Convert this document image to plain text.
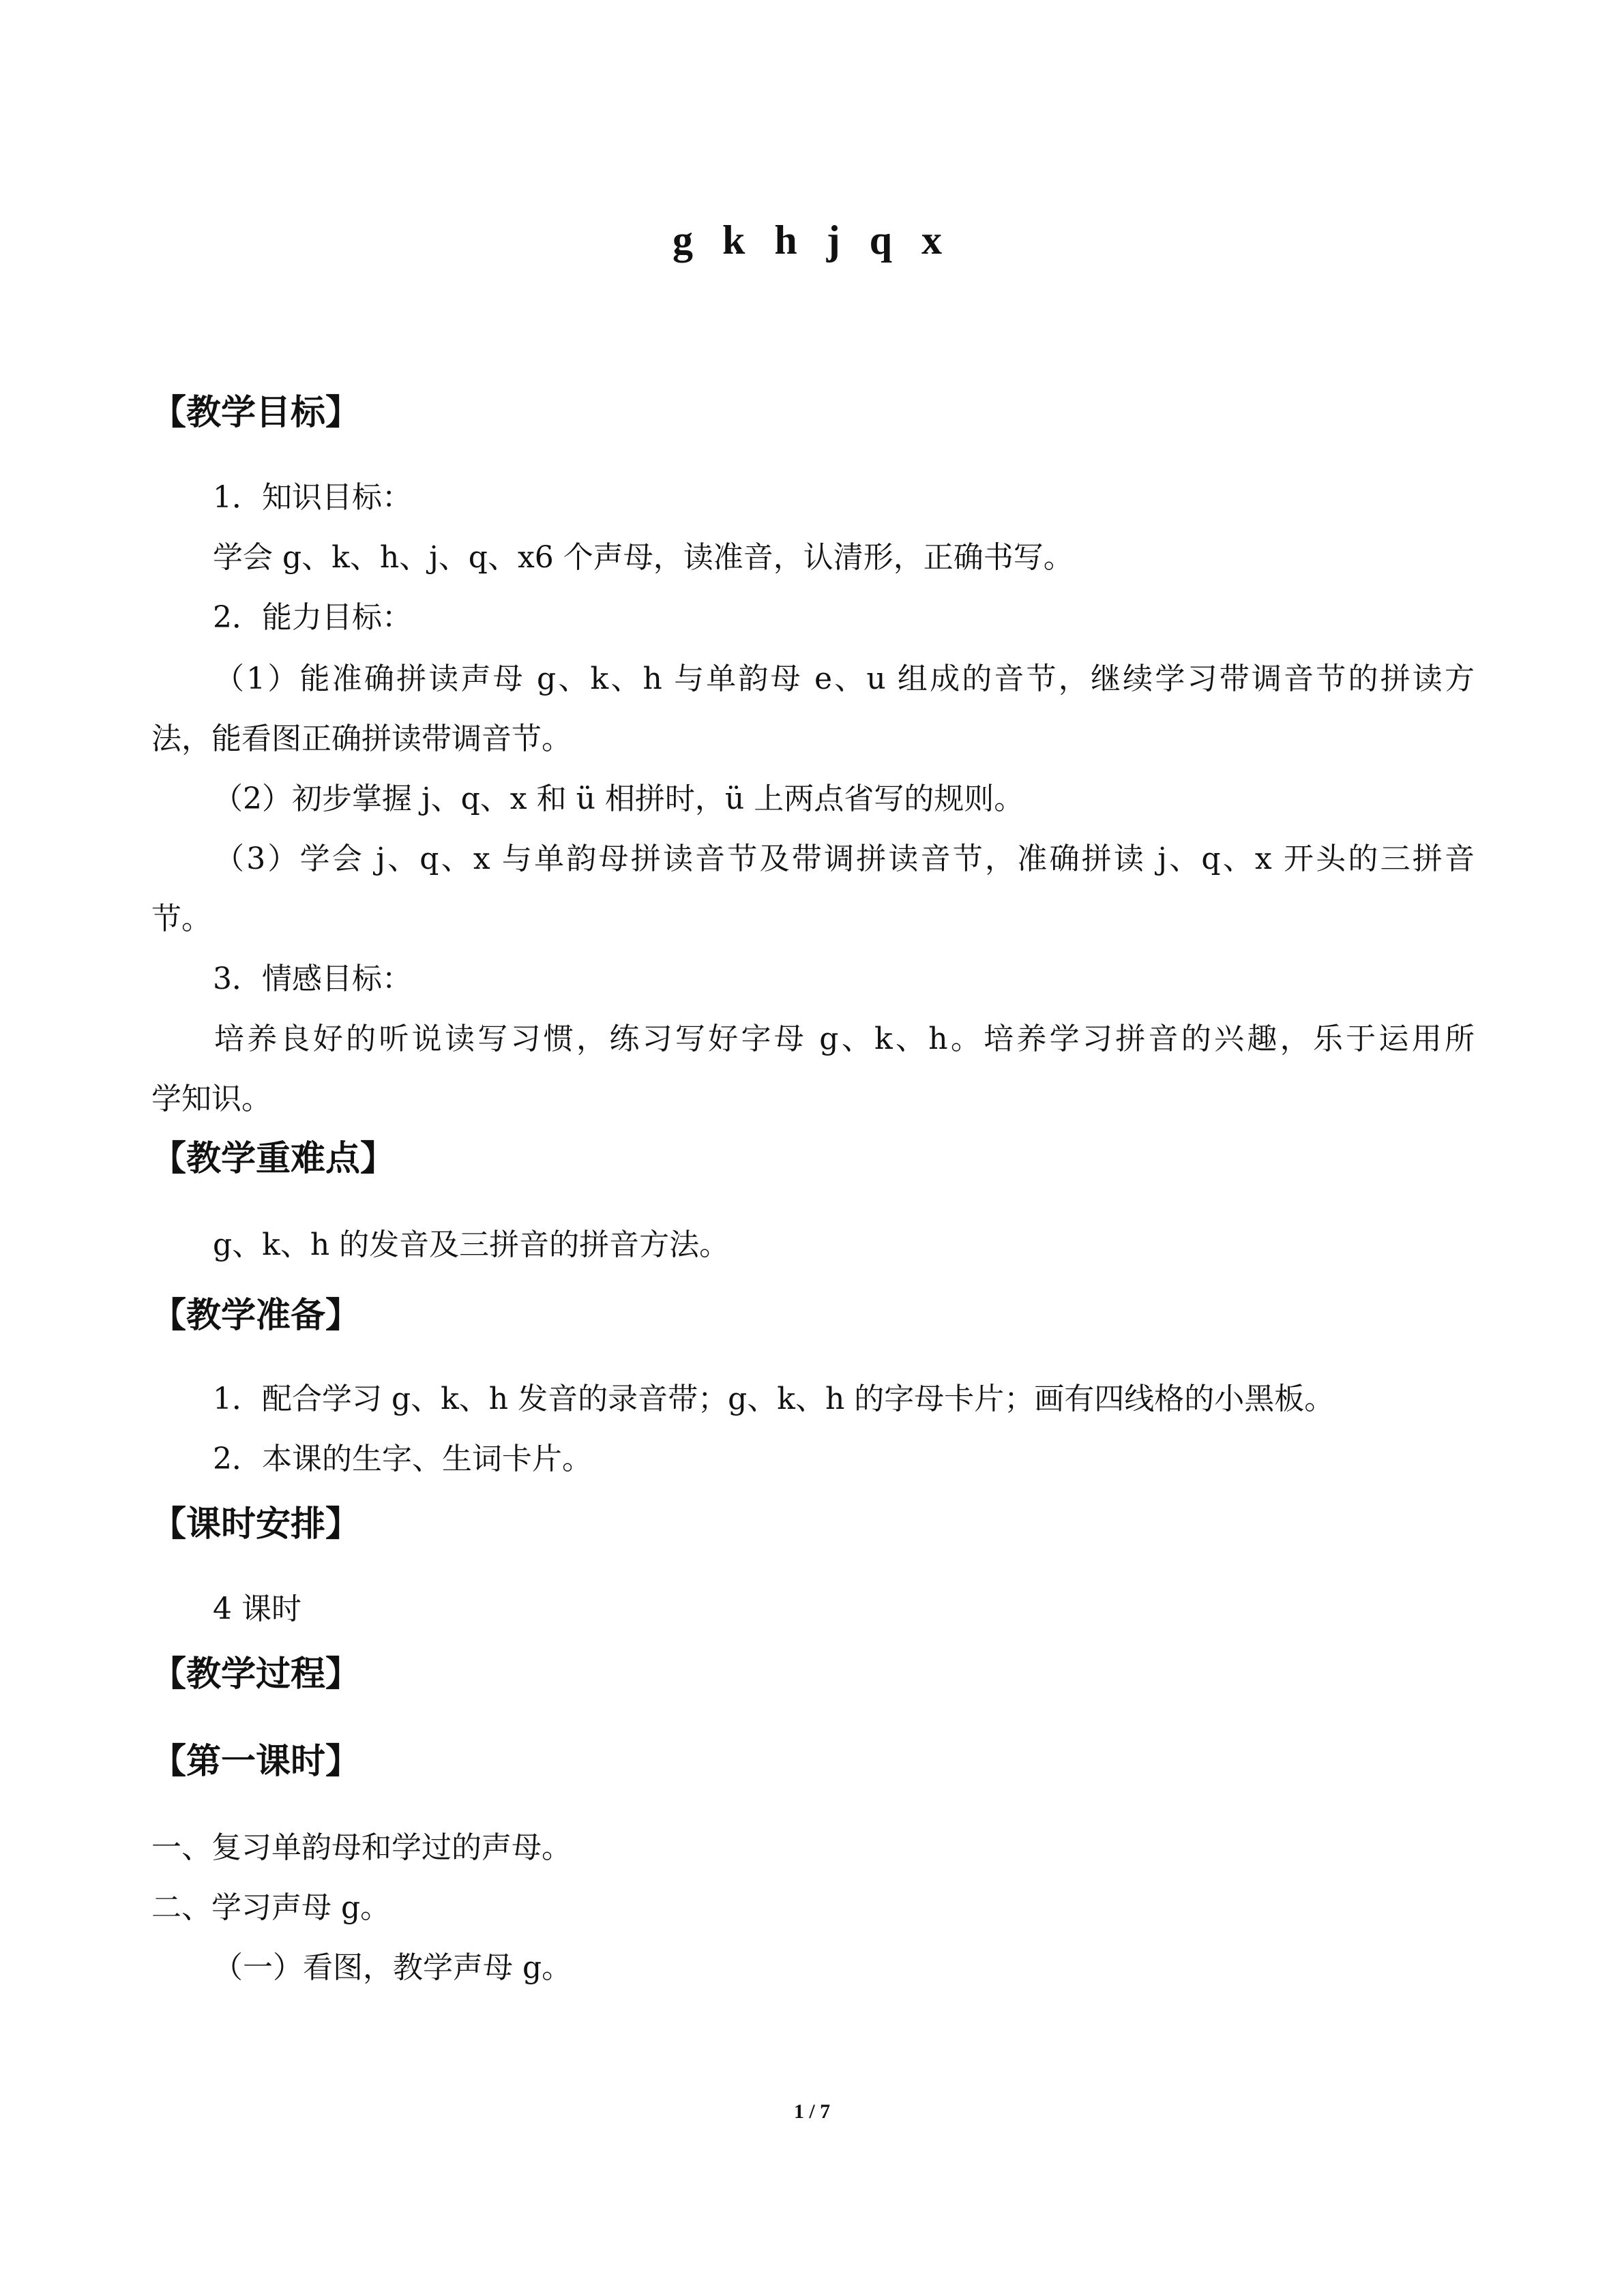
g k h j q x
【教学目标】
1．知识目标：
学会 g、k、h、j、q、x6 个声母，读准音，认清形，正确书写。
2．能力目标：
（1）能准确拼读声母 g、k、h 与单韵母 e、u 组成的音节，继续学习带调音节的拼读方
法，能看图正确拼读带调音节。
（2）初步掌握 j、q、x 和 ü 相拼时，ü 上两点省写的规则。
（3）学会 j、q、x 与单韵母拼读音节及带调拼读音节，准确拼读 j、q、x 开头的三拼音
节。
3．情感目标：
培养良好的听说读写习惯，练习写好字母 g、k、h。培养学习拼音的兴趣，乐于运用所
学知识。
【教学重难点】
g、k、h 的发音及三拼音的拼音方法。
【教学准备】
1．配合学习 g、k、h 发音的录音带；g、k、h 的字母卡片；画有四线格的小黑板。
2．本课的生字、生词卡片。
【课时安排】
4 课时
【教学过程】
【第一课时】
一、复习单韵母和学过的声母。
二、学习声母 g。
（一）看图，教学声母 g。
1 / 7
